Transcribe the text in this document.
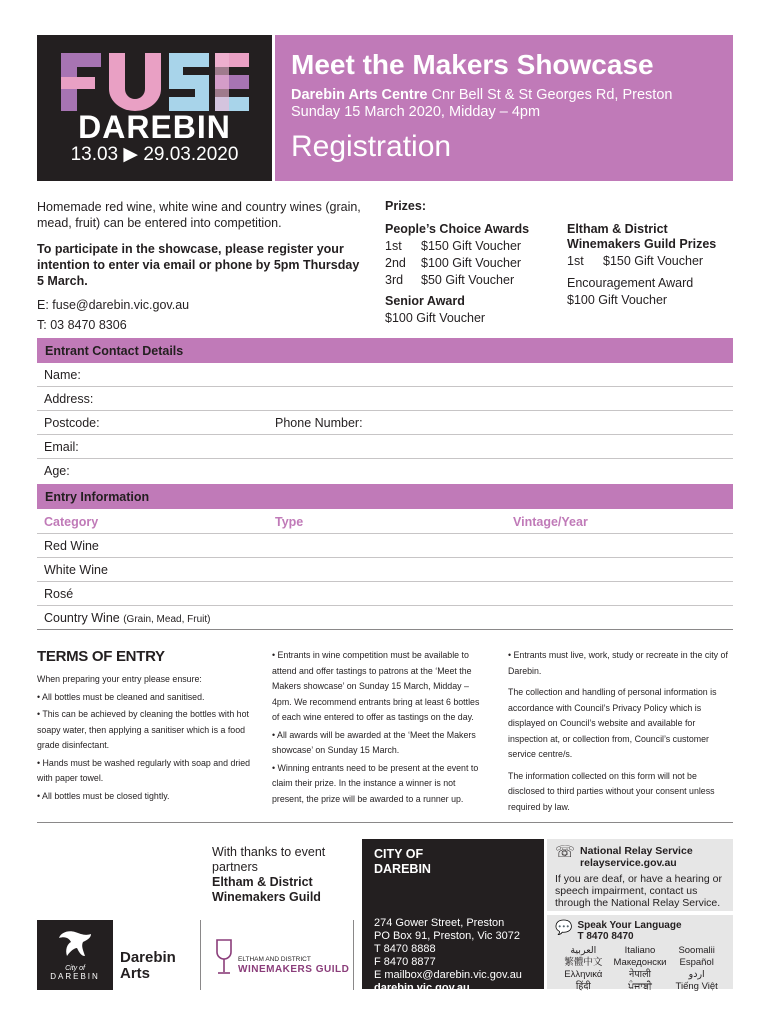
DAREBIN
13.03 ▶ 29.03.2020
Meet the Makers Showcase
Darebin Arts Centre Cnr Bell St & St Georges Rd, Preston
Sunday 15 March 2020, Midday – 4pm
Registration

Homemade red wine, white wine and country wines (grain, mead, fruit) can be entered into competition.

To participate in the showcase, please register your intention to enter via email or phone by 5pm Thursday 5 March.

E: fuse@darebin.vic.gov.au

T: 03 8470 8306

Prizes:
People’s Choice Awards
1st $150 Gift Voucher
2nd $100 Gift Voucher
3rd $50 Gift Voucher
Senior Award
$100 Gift Voucher
Eltham & District
Winemakers Guild Prizes
1st $150 Gift Voucher
Encouragement Award
$100 Gift Voucher
Entrant Contact Details
Name:
Address:
Postcode:	Phone Number:
Email:
Age:
Entry Information
Category	Type	Vintage/Year
Red Wine
White Wine
Rosé
Country Wine (Grain, Mead, Fruit)
TERMS OF ENTRY

When preparing your entry please ensure:

• All bottles must be cleaned and sanitised.

• This can be achieved by cleaning the bottles with hot soapy water, then applying a sanitiser which is a food grade disinfectant.

• Hands must be washed regularly with soap and dried with paper towel.

• All bottles must be closed tightly.

• Entrants in wine competition must be available to attend and offer tastings to patrons at the ‘Meet the Makers showcase’ on Sunday 15 March, Midday – 4pm. We recommend entrants bring at least 6 bottles of each wine entered to offer as tastings on the day.

• All awards will be awarded at the ‘Meet the Makers showcase’ on Sunday 15 March.

• Winning entrants need to be present at the event to claim their prize. In the instance a winner is not present, the prize will be awarded to a runner up.

• Entrants must live, work, study or recreate in the city of Darebin.

The collection and handling of personal information is accordance with Council’s Privacy Policy which is displayed on Council’s website and available for inspection at, or collection from, Council’s customer service centre/s.

The information collected on this form will not be disclosed to third parties without your consent unless required by law.

With thanks to event partners
Eltham & District
Winemakers Guild
City of
DAREBIN
Darebin
Arts
ELTHAM AND DISTRICT
WINEMAKERS GUILD
CITY OF
DAREBIN
274 Gower Street, Preston
PO Box 91, Preston, Vic 3072
T 8470 8888
F 8470 8877
E mailbox@darebin.vic.gov.au
darebin.vic.gov.au
☏ National Relay Service
relayservice.gov.au
If you are deaf, or have a hearing or speech impairment, contact us through the National Relay Service.
💬 Speak Your Language
T 8470 8470
العربية	Italiano	Soomalii
繁體中文	Македонски	Español
Ελληνικά	नेपाली	اردو
हिंदी	ਪੰਜਾਬੀ	Tiếng Việt
